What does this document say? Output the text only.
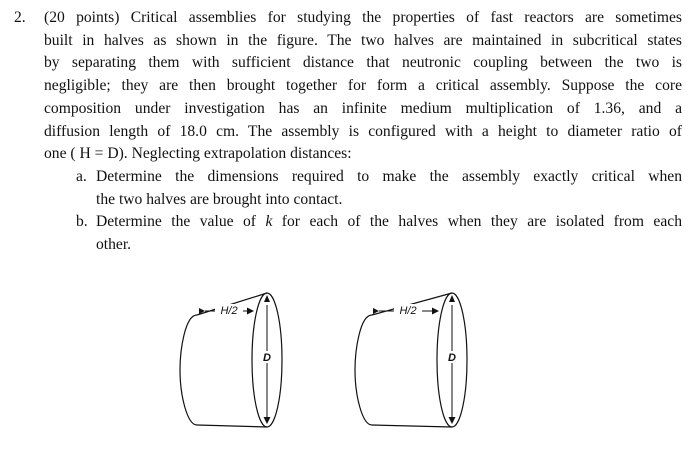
2. (20 points) Critical assemblies for studying the properties of fast reactors are sometimes
built in halves as shown in the figure. The two halves are maintained in subcritical states
by separating them with sufficient distance that neutronic coupling between the two is
negligible; they are then brought together for form a critical assembly. Suppose the core
composition under investigation has an infinite medium multiplication of 1.36, and a
diffusion length of 18.0 cm. The assembly is configured with a height to diameter ratio of
one ( H = D). Neglecting extrapolation distances:
a. Determine the dimensions required to make the assembly exactly critical when
the two halves are brought into contact.
b. Determine the value of k for each of the halves when they are isolated from each
other.
H/2
D
H/2
D
